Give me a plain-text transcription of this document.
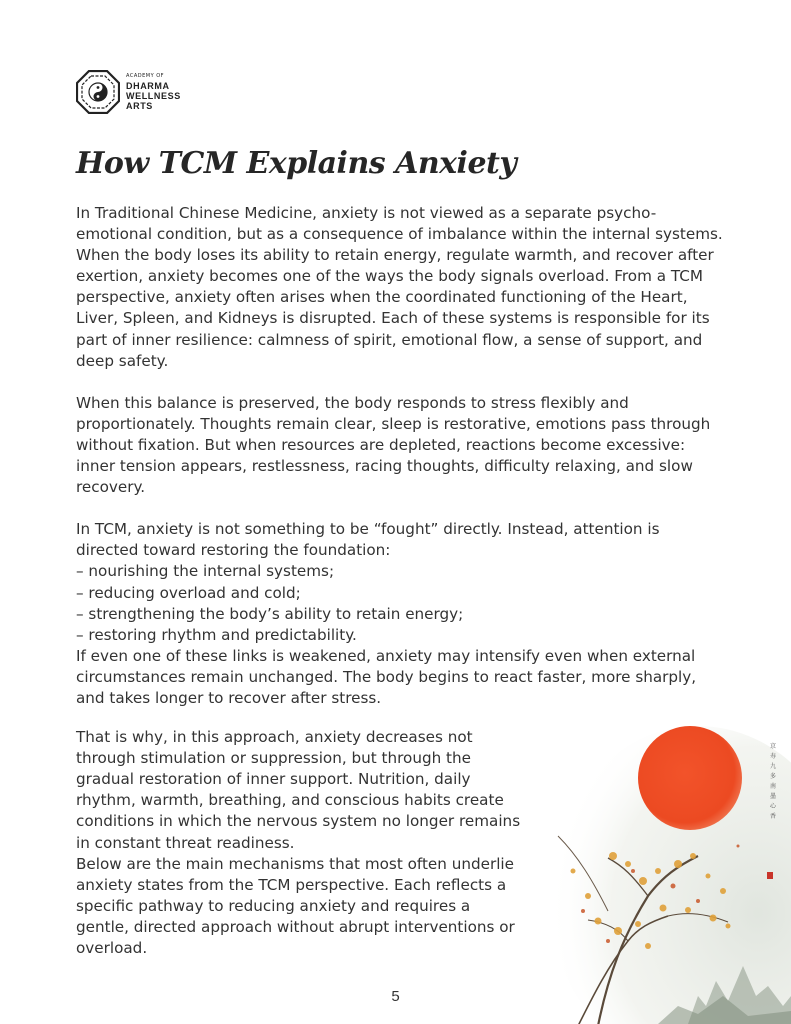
ACADEMY OF
DHARMA
WELLNESS
ARTS
How TCM Explains Anxiety

In Traditional Chinese Medicine, anxiety is not viewed as a separate psycho-emotional condition, but as a consequence of imbalance within the internal systems. When the body loses its ability to retain energy, regulate warmth, and recover after exertion, anxiety becomes one of the ways the body signals overload. From a TCM perspective, anxiety often arises when the coordinated functioning of the Heart, Liver, Spleen, and Kidneys is disrupted. Each of these systems is responsible for its part of inner resilience: calmness of spirit, emotional flow, a sense of support, and deep safety.

When this balance is preserved, the body responds to stress flexibly and proportionately. Thoughts remain clear, sleep is restorative, emotions pass through without fixation. But when resources are depleted, reactions become excessive: inner tension appears, restlessness, racing thoughts, difficulty relaxing, and slow recovery.

In TCM, anxiety is not something to be “fought” directly. Instead, attention is directed toward restoring the foundation:

– nourishing the internal systems;
– reducing overload and cold;
– strengthening the body’s ability to retain energy;
– restoring rhythm and predictability.

If even one of these links is weakened, anxiety may intensify even when external circumstances remain unchanged. The body begins to react faster, more sharply, and takes longer to recover after stress.

That is why, in this approach, anxiety decreases not through stimulation or suppression, but through the gradual restoration of inner support. Nutrition, daily rhythm, warmth, breathing, and conscious habits create conditions in which the nervous system no longer remains in constant threat readiness.

Below are the main mechanisms that most often underlie anxiety states from the TCM perspective. Each reflects a specific pathway to reducing anxiety and requires a gentle, directed approach without abrupt interventions or overload.

京
寿
九
多
南
墨
心
香
5
